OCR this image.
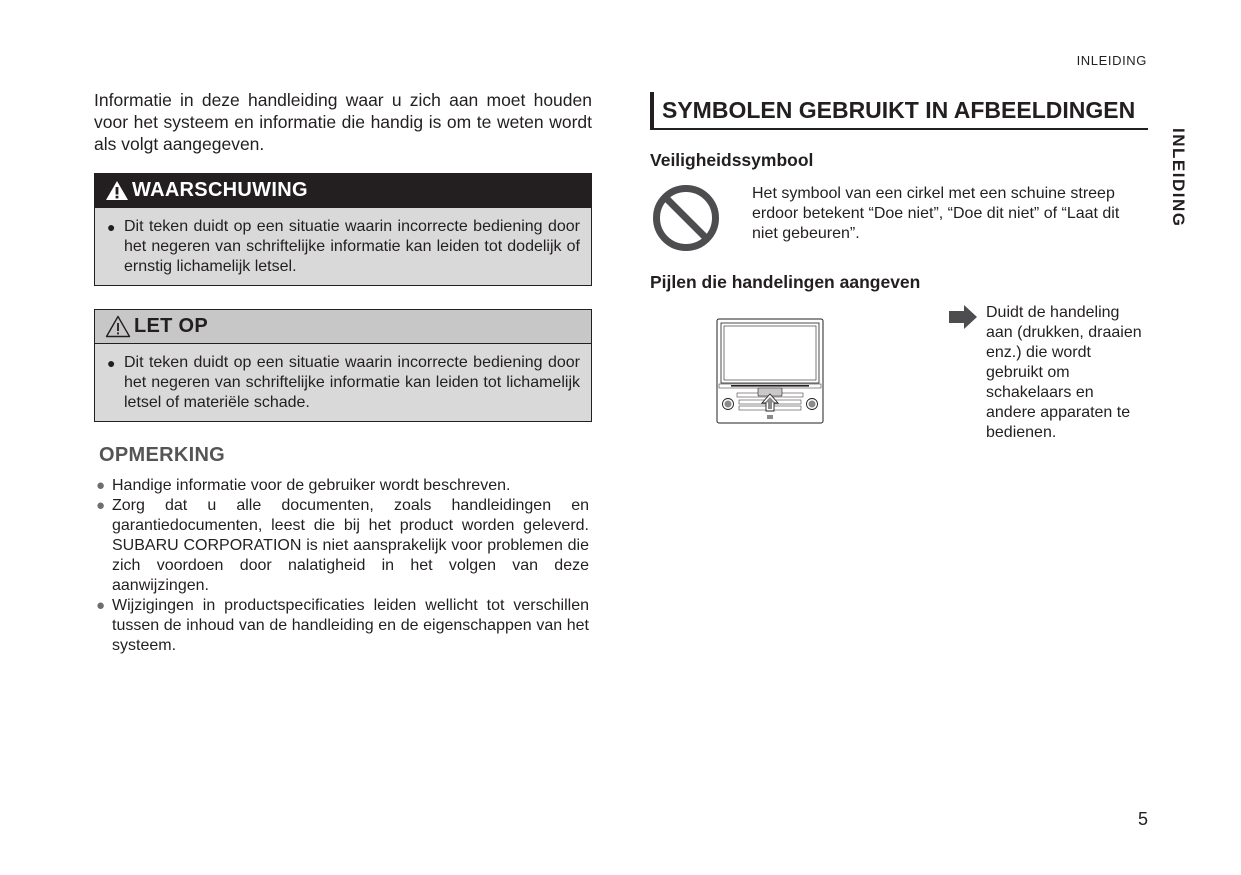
INLEIDING
INLEIDING

Informatie in deze handleiding waar u zich aan moet houden voor het systeem en informatie die handig is om te weten wordt als volgt aangegeven.

WAARSCHUWING
● Dit teken duidt op een situatie waarin incorrecte bediening door het negeren van schriftelijke informatie kan leiden tot dodelijk of ernstig lichamelijk letsel.
LET OP
● Dit teken duidt op een situatie waarin incorrecte bediening door het negeren van schriftelijke informatie kan leiden tot lichamelijk letsel of materiële schade.
OPMERKING
● Handige informatie voor de gebruiker wordt beschreven.
● Zorg dat u alle documenten, zoals handleidingen en garantiedocumenten, leest die bij het product worden geleverd. SUBARU CORPORATION is niet aansprakelijk voor problemen die zich voordoen door nalatigheid in het volgen van deze aanwijzingen.
● Wijzigingen in productspecificaties leiden wellicht tot verschillen tussen de inhoud van de handleiding en de eigenschappen van het systeem.
SYMBOLEN GEBRUIKT IN AFBEELDINGEN
Veiligheidssymbool

Het symbool van een cirkel met een schuine streep erdoor betekent “Doe niet”, “Doe dit niet” of “Laat dit niet gebeuren”.

Pijlen die handelingen aangeven

Duidt de handeling aan (drukken, draaien enz.) die wordt gebruikt om schakelaars en andere apparaten te bedienen.

5
